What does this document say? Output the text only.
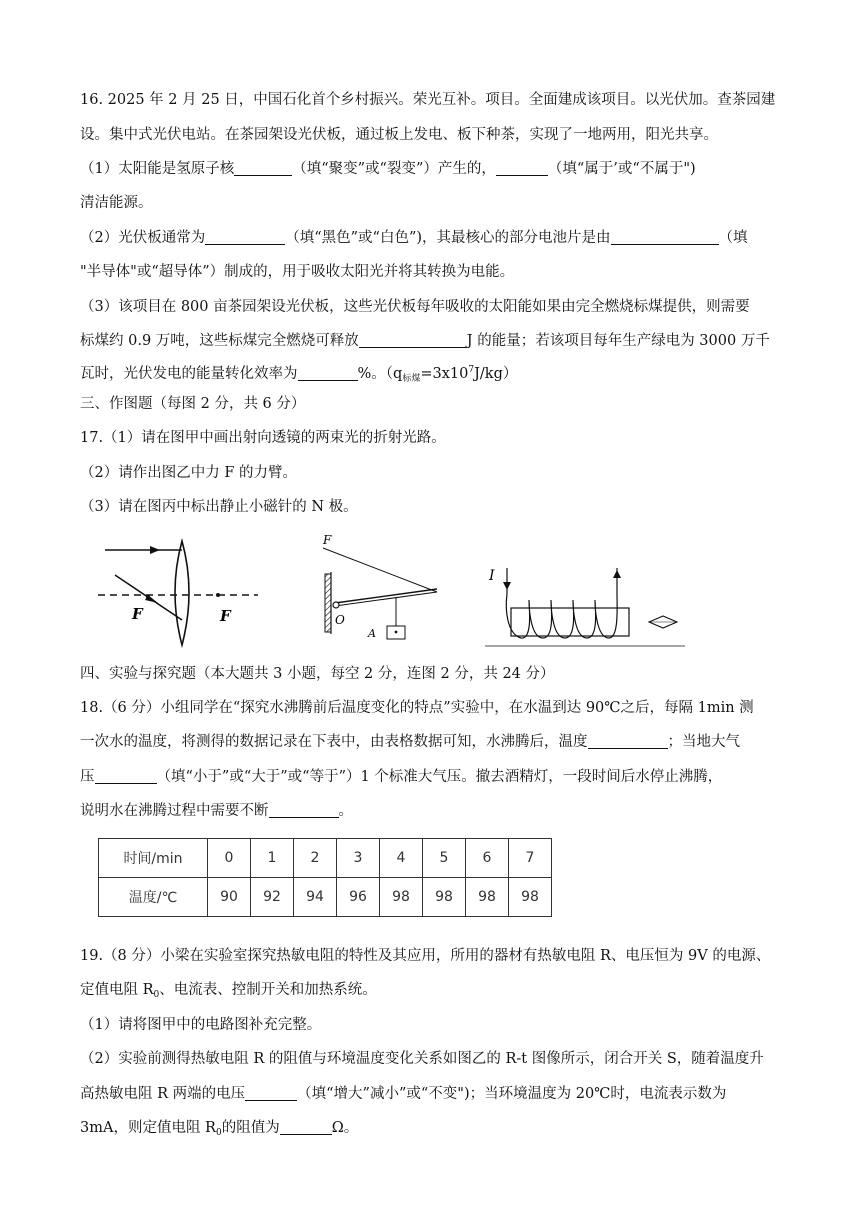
16. 2025 年 2 月 25 日，中国石化首个乡村振兴。荣光互补。项目。全面建成该项目。以光伏加。查茶园建
设。集中式光伏电站。在茶园架设光伏板，通过板上发电、板下种茶，实现了一地两用，阳光共享。
（1）太阳能是氢原子核	（填“聚变”或“裂变”）产生的，	（填“属于’或“不属于")
清洁能源。
（2）光伏板通常为	（填“黑色”或“白色”)，其最核心的部分电池片是由	（填
"半导体"或“超导体”）制成的，用于吸收太阳光并将其转换为电能。
（3）该项目在 800 亩茶园架设光伏板，这些光伏板每年吸收的太阳能如果由完全燃烧标煤提供，则需要
标煤约 0.9 万吨，这些标煤完全燃烧可释放	J 的能量；若该项目每年生产绿电为 3000 万千
瓦时，光伏发电的能量转化效率为	%。$(q_{标煤}=3x10^7J/kg)$
三、作图题（每图 2 分，共 6 分）
17.（1）请在图甲中画出射向透镜的两束光的折射光路。
（2）请作出图乙中力 F 的力臂。
（3）请在图丙中标出静止小磁针的 N 极。
F	F
F
O
A
I
四、实验与探究题（本大题共 3 小题，每空 2 分，连图 2 分，共 24 分）
18.（6 分）小组同学在“探究水沸腾前后温度变化的特点”实验中，在水温到达 90℃之后，每隔 1min 测
一次水的温度，将测得的数据记录在下表中，由表格数据可知，水沸腾后，温度	；当地大气
压	（填“小于”或“大于”或“等于”）1 个标准大气压。撤去酒精灯，一段时间后水停止沸腾，
说明水在沸腾过程中需要不断	。
时间/min	0	1	2	3	4	5	6	7
温度/℃	90	92	94	96	98	98	98	98
19.（8 分）小梁在实验室探究热敏电阻的特性及其应用，所用的器材有热敏电阻 R、电压恒为 9V 的电源、
定值电阻 $R_0$、电流表、控制开关和加热系统。
（1）请将图甲中的电路图补充完整。
（2）实验前测得热敏电阻 R 的阻值与环境温度变化关系如图乙的 R-t 图像所示，闭合开关 S，随着温度升
高热敏电阻 R 两端的电压	（填“增大”减小”或“不变")；当环境温度为 20℃时，电流表示数为
3mA，则定值电阻 $R_0$的阻值为	Ω。
